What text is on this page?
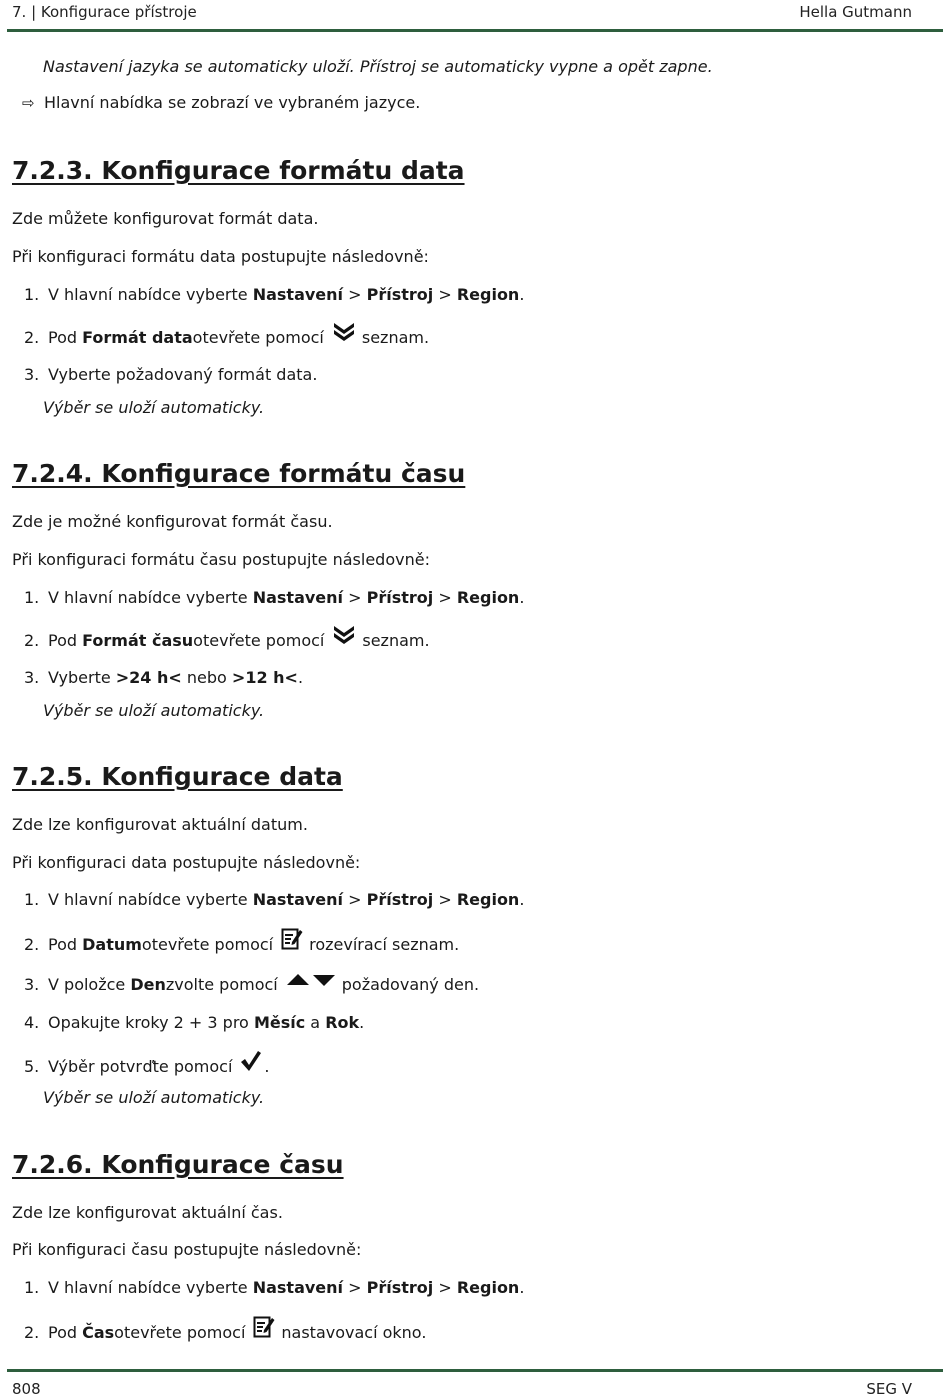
7. | Konfigurace přístroje	Hella Gutmann
Nastavení jazyka se automaticky uloží. Přístroj se automaticky vypne a opět zapne.
⇨ Hlavní nabídka se zobrazí ve vybraném jazyce.
7.2.3. Konfigurace formátu data
Zde můžete konfigurovat formát data.
Při konfiguraci formátu data postupujte následovně:
1. V hlavní nabídce vyberte Nastavení > Přístroj > Region .
2. Pod Formát data otevřete pomocí seznam.
3. Vyberte požadovaný formát data.
Výběr se uloží automaticky.
7.2.4. Konfigurace formátu času
Zde je možné konfigurovat formát času.
Při konfiguraci formátu času postupujte následovně:
1. V hlavní nabídce vyberte Nastavení > Přístroj > Region .
2. Pod Formát času otevřete pomocí seznam.
3. Vyberte >24 h< nebo >12 h< .
Výběr se uloží automaticky.
7.2.5. Konfigurace data
Zde lze konfigurovat aktuální datum.
Při konfiguraci data postupujte následovně:
1. V hlavní nabídce vyberte Nastavení > Přístroj > Region .
2. Pod Datum otevřete pomocí rozevírací seznam.
3. V položce Den zvolte pomocí	požadovaný den.
4. Opakujte kroky 2 + 3 pro Měsíc a Rok .
5. Výběr potvrďte pomocí .
Výběr se uloží automaticky.
7.2.6. Konfigurace času
Zde lze konfigurovat aktuální čas.
Při konfiguraci času postupujte následovně:
1. V hlavní nabídce vyberte Nastavení > Přístroj > Region .
2. Pod Čas otevřete pomocí nastavovací okno.
808	SEG V
